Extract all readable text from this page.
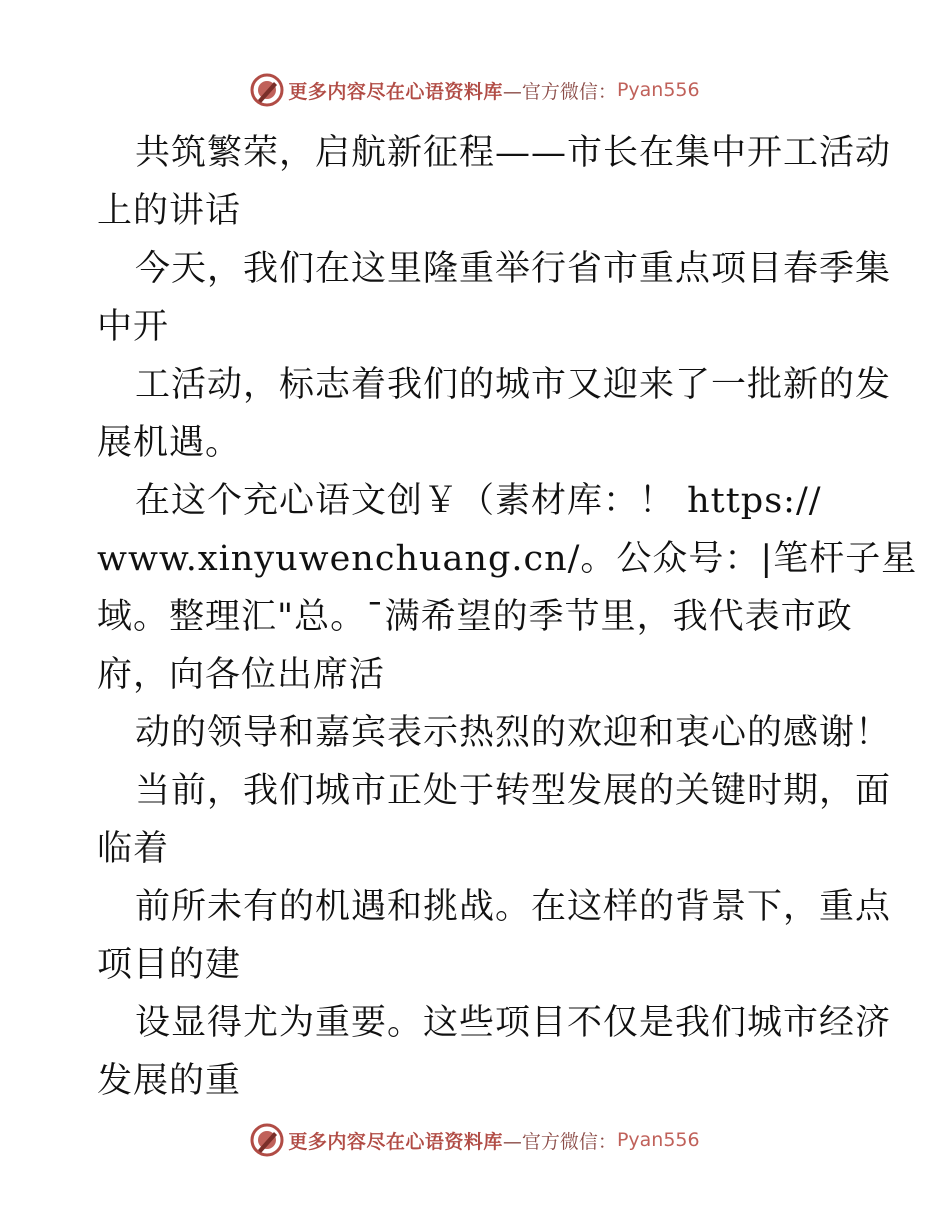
更多内容尽在心语资料库 —官方微信： Pyan556
共筑繁荣，启航新征程——市长在集中开工活动
上的讲话
今天，我们在这里隆重举行省市重点项目春季集
中开
工活动，标志着我们的城市又迎来了一批新的发
展机遇。
在这个充心语文创￥（素材库：！ https://
www.xinyuwenchuang.cn/。公众号：|笔杆子星
域。整理汇"总。¯满希望的季节里，我代表市政
府，向各位出席活
动的领导和嘉宾表示热烈的欢迎和衷心的感谢！
当前，我们城市正处于转型发展的关键时期，面
临着
前所未有的机遇和挑战。在这样的背景下，重点
项目的建
设显得尤为重要。这些项目不仅是我们城市经济
发展的重
更多内容尽在心语资料库 —官方微信： Pyan556
